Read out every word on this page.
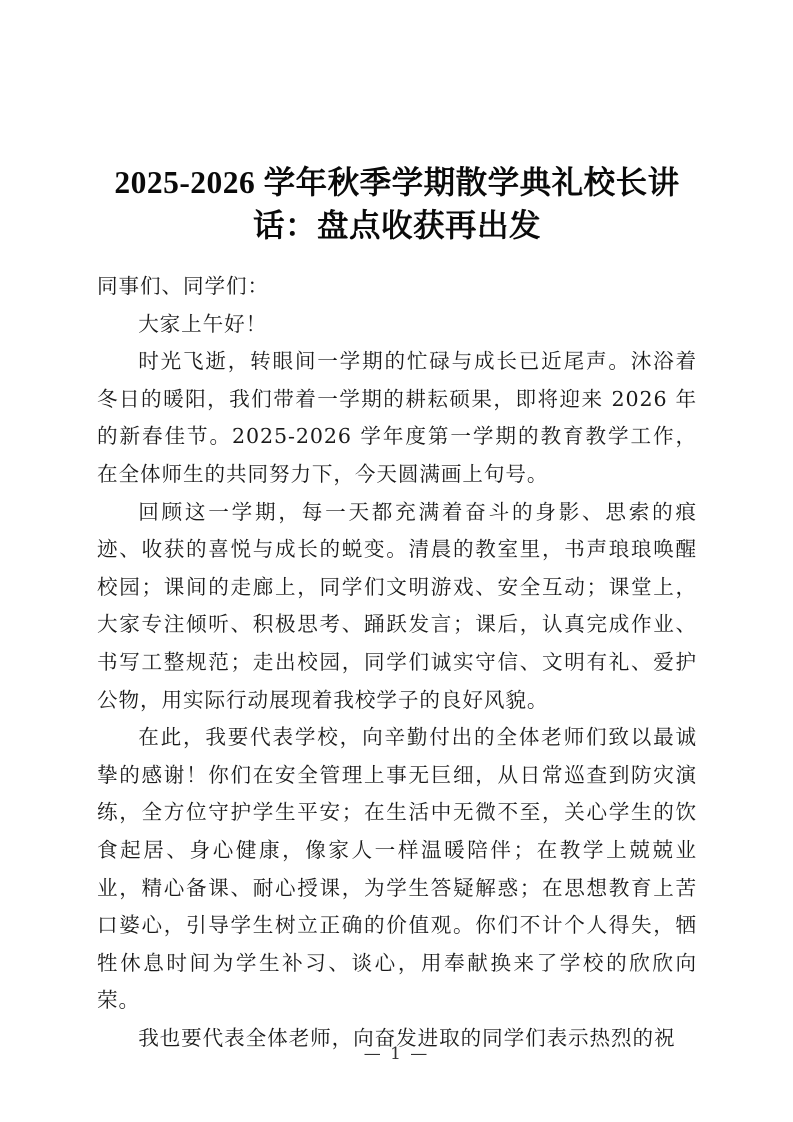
2025-2026 学年秋季学期散学典礼校长讲话：盘点收获再出发

同事们、同学们：

大家上午好！

时光飞逝，转眼间一学期的忙碌与成长已近尾声。沐浴着冬日的暖阳，我们带着一学期的耕耘硕果，即将迎来 2026 年的新春佳节。2025-2026 学年度第一学期的教育教学工作，在全体师生的共同努力下，今天圆满画上句号。

回顾这一学期，每一天都充满着奋斗的身影、思索的痕迹、收获的喜悦与成长的蜕变。清晨的教室里，书声琅琅唤醒校园；课间的走廊上，同学们文明游戏、安全互动；课堂上，大家专注倾听、积极思考、踊跃发言；课后，认真完成作业、书写工整规范；走出校园，同学们诚实守信、文明有礼、爱护公物，用实际行动展现着我校学子的良好风貌。

在此，我要代表学校，向辛勤付出的全体老师们致以最诚挚的感谢！你们在安全管理上事无巨细，从日常巡查到防灾演练，全方位守护学生平安；在生活中无微不至，关心学生的饮食起居、身心健康，像家人一样温暖陪伴；在教学上兢兢业业，精心备课、耐心授课，为学生答疑解惑；在思想教育上苦口婆心，引导学生树立正确的价值观。你们不计个人得失，牺牲休息时间为学生补习、谈心，用奉献换来了学校的欣欣向荣。

我也要代表全体老师，向奋发进取的同学们表示热烈的祝

— 1 —
